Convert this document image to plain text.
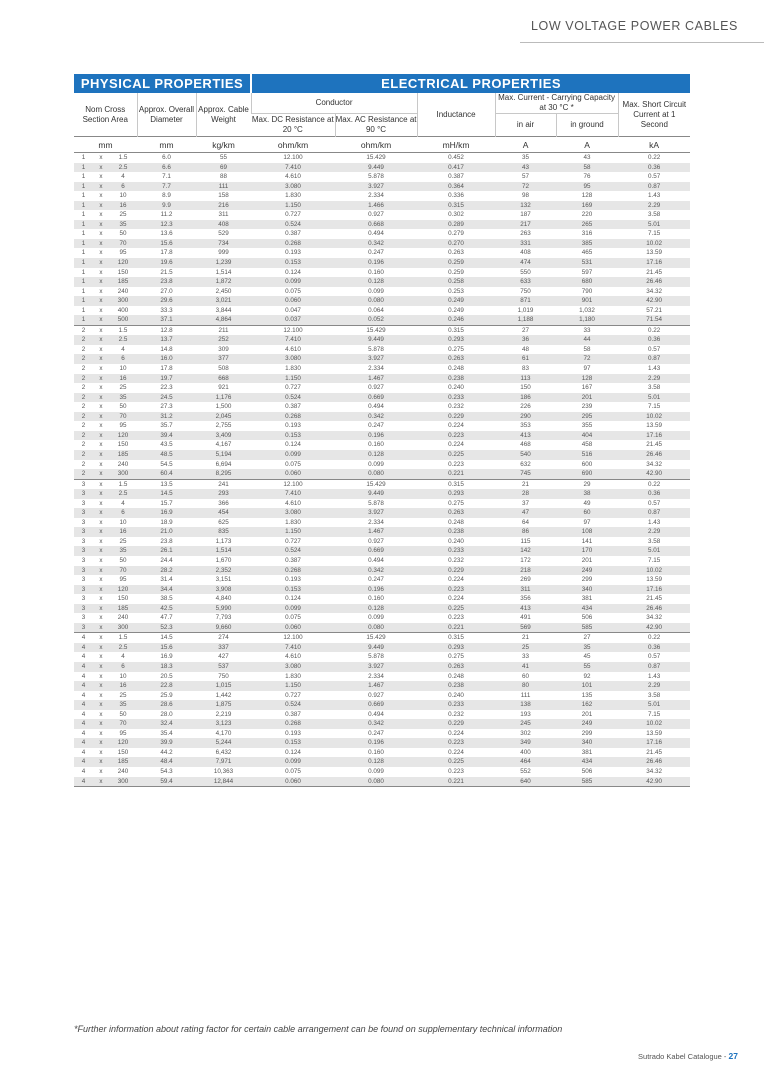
LOW VOLTAGE POWER CABLES
PHYSICAL PROPERTIES					ELECTRICAL PROPERTIES					
Nom Cross Section Area			Approx. Overall Diameter	Approx. Cable Weight	Conductor		Inductance	Max. Current - Carrying Capacity at 30 °C *		Max. Short Circuit Current at 1 Second
					Max. DC Resistance at 20 °C	Max. AC Resistance at 90 °C		in air	in ground	
mm			mm	kg/km	ohm/km	ohm/km	mH/km	A	A	kA
1	x	1.5	6.0	55	12.100	15.429	0.452	35	43	0.22
1	x	2.5	6.6	69	7.410	9.449	0.417	43	58	0.36
1	x	4	7.1	88	4.610	5.878	0.387	57	76	0.57
1	x	6	7.7	111	3.080	3.927	0.364	72	95	0.87
1	x	10	8.9	158	1.830	2.334	0.336	98	128	1.43
1	x	16	9.9	216	1.150	1.466	0.315	132	169	2.29
1	x	25	11.2	311	0.727	0.927	0.302	187	220	3.58
1	x	35	12.3	408	0.524	0.668	0.289	217	265	5.01
1	x	50	13.6	529	0.387	0.494	0.279	263	316	7.15
1	x	70	15.6	734	0.268	0.342	0.270	331	385	10.02
1	x	95	17.8	999	0.193	0.247	0.263	408	465	13.59
1	x	120	19.6	1,239	0.153	0.196	0.259	474	531	17.16
1	x	150	21.5	1,514	0.124	0.160	0.259	550	597	21.45
1	x	185	23.8	1,872	0.099	0.128	0.258	633	680	26.46
1	x	240	27.0	2,450	0.075	0.099	0.253	750	790	34.32
1	x	300	29.6	3,021	0.060	0.080	0.249	871	901	42.90
1	x	400	33.3	3,844	0.047	0.064	0.249	1,019	1,032	57.21
1	x	500	37.1	4,864	0.037	0.052	0.246	1,188	1,180	71.54
2	x	1.5	12.8	211	12.100	15.429	0.315	27	33	0.22
2	x	2.5	13.7	252	7.410	9.449	0.293	36	44	0.36
2	x	4	14.8	309	4.610	5.878	0.275	48	58	0.57
2	x	6	16.0	377	3.080	3.927	0.263	61	72	0.87
2	x	10	17.8	508	1.830	2.334	0.248	83	97	1.43
2	x	16	19.7	668	1.150	1.467	0.238	113	128	2.29
2	x	25	22.3	921	0.727	0.927	0.240	150	167	3.58
2	x	35	24.5	1,176	0.524	0.669	0.233	186	201	5.01
2	x	50	27.3	1,500	0.387	0.494	0.232	226	239	7.15
2	x	70	31.2	2,045	0.268	0.342	0.229	290	295	10.02
2	x	95	35.7	2,755	0.193	0.247	0.224	353	355	13.59
2	x	120	39.4	3,409	0.153	0.196	0.223	413	404	17.16
2	x	150	43.5	4,167	0.124	0.160	0.224	468	458	21.45
2	x	185	48.5	5,194	0.099	0.128	0.225	540	516	26.46
2	x	240	54.5	6,694	0.075	0.099	0.223	632	600	34.32
2	x	300	60.4	8,295	0.060	0.080	0.221	745	690	42.90
3	x	1.5	13.5	241	12.100	15.429	0.315	21	29	0.22
3	x	2.5	14.5	293	7.410	9.449	0.293	28	38	0.36
3	x	4	15.7	366	4.610	5.878	0.275	37	49	0.57
3	x	6	16.9	454	3.080	3.927	0.263	47	60	0.87
3	x	10	18.9	625	1.830	2.334	0.248	64	97	1.43
3	x	16	21.0	835	1.150	1.467	0.238	86	108	2.29
3	x	25	23.8	1,173	0.727	0.927	0.240	115	141	3.58
3	x	35	26.1	1,514	0.524	0.669	0.233	142	170	5.01
3	x	50	24.4	1,670	0.387	0.494	0.232	172	201	7.15
3	x	70	28.2	2,352	0.268	0.342	0.229	218	249	10.02
3	x	95	31.4	3,151	0.193	0.247	0.224	269	299	13.59
3	x	120	34.4	3,908	0.153	0.196	0.223	311	340	17.16
3	x	150	38.5	4,840	0.124	0.160	0.224	356	381	21.45
3	x	185	42.5	5,990	0.099	0.128	0.225	413	434	26.46
3	x	240	47.7	7,793	0.075	0.099	0.223	491	506	34.32
3	x	300	52.3	9,660	0.060	0.080	0.221	569	585	42.90
4	x	1.5	14.5	274	12.100	15.429	0.315	21	27	0.22
4	x	2.5	15.6	337	7.410	9.449	0.293	25	35	0.36
4	x	4	16.9	427	4.610	5.878	0.275	33	45	0.57
4	x	6	18.3	537	3.080	3.927	0.263	41	55	0.87
4	x	10	20.5	750	1.830	2.334	0.248	60	92	1.43
4	x	16	22.8	1,015	1.150	1.467	0.238	80	101	2.29
4	x	25	25.9	1,442	0.727	0.927	0.240	111	135	3.58
4	x	35	28.6	1,875	0.524	0.669	0.233	138	162	5.01
4	x	50	28.0	2,219	0.387	0.494	0.232	193	201	7.15
4	x	70	32.4	3,123	0.268	0.342	0.229	245	249	10.02
4	x	95	35.4	4,170	0.193	0.247	0.224	302	299	13.59
4	x	120	39.9	5,244	0.153	0.196	0.223	349	340	17.16
4	x	150	44.2	6,432	0.124	0.160	0.224	400	381	21.45
4	x	185	48.4	7,971	0.099	0.128	0.225	464	434	26.46
4	x	240	54.3	10,363	0.075	0.099	0.223	552	506	34.32
4	x	300	59.4	12,844	0.060	0.080	0.221	640	585	42.90
*Further information about rating factor for certain cable arrangement can be found on supplementary technical information
Sutrado Kabel Catalogue - 27
